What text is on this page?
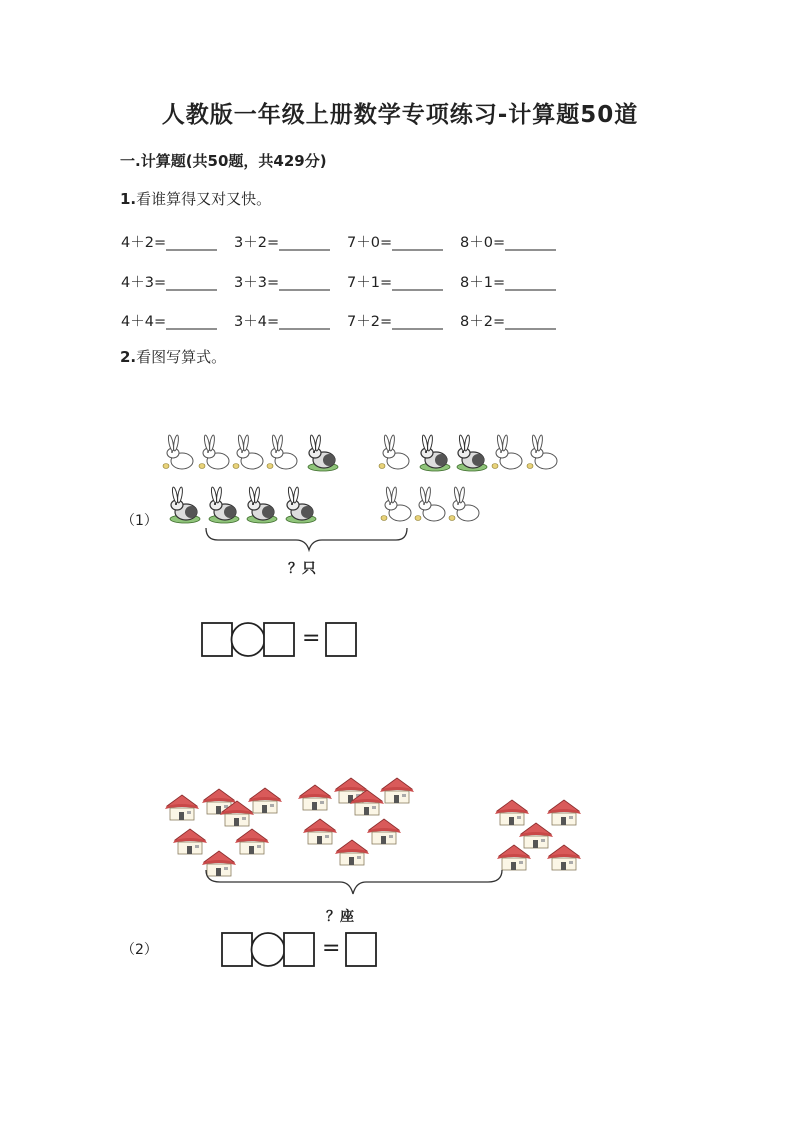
人教版一年级上册数学专项练习-计算题50道
一.计算题(共50题，共429分)
1.看谁算得又对又快。
4＋2=_______ 3＋2=_______ 7＋0=_______ 8＋0=_______
4＋3=_______ 3＋3=_______ 7＋1=_______ 8＋1=_______
4＋4=_______ 3＋4=_______ 7＋2=_______ 8＋2=_______
2.看图写算式。
（1）
？只
=
？座
（2）	=
